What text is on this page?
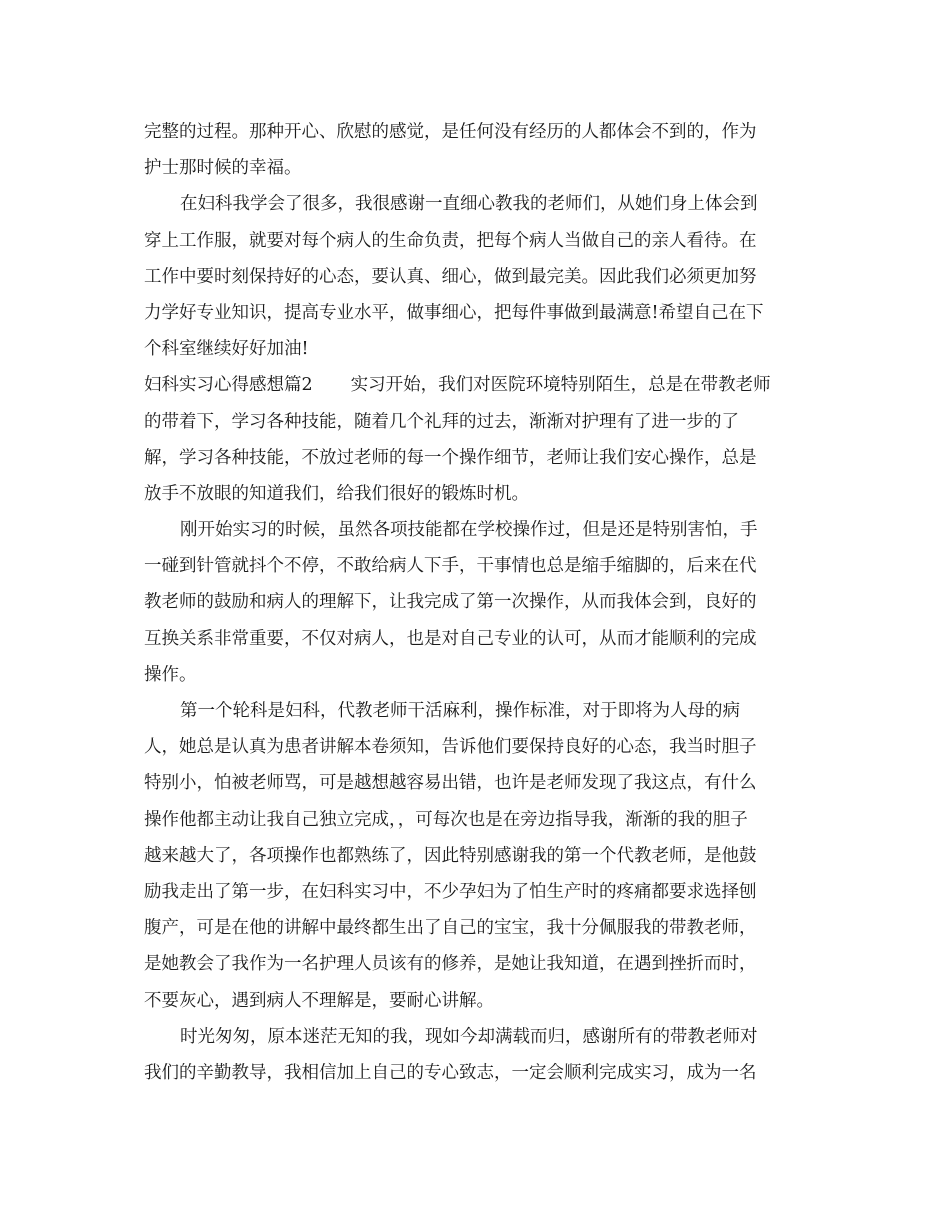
完整的过程。那种开心、欣慰的感觉，是任何没有经历的人都体会不到的，作为
护士那时候的幸福。
在妇科我学会了很多，我很感谢一直细心教我的老师们，从她们身上体会到
穿上工作服，就要对每个病人的生命负责，把每个病人当做自己的亲人看待。在
工作中要时刻保持好的心态，要认真、细心，做到最完美。因此我们必须更加努
力学好专业知识，提高专业水平，做事细心，把每件事做到最满意!希望自己在下
个科室继续好好加油!
妇科实习心得感想篇2 实习开始，我们对医院环境特别陌生，总是在带教老师
的带着下，学习各种技能，随着几个礼拜的过去，渐渐对护理有了进一步的了
解，学习各种技能，不放过老师的每一个操作细节，老师让我们安心操作，总是
放手不放眼的知道我们，给我们很好的锻炼时机。
刚开始实习的时候，虽然各项技能都在学校操作过，但是还是特别害怕，手
一碰到针管就抖个不停，不敢给病人下手，干事情也总是缩手缩脚的，后来在代
教老师的鼓励和病人的理解下，让我完成了第一次操作，从而我体会到，良好的
互换关系非常重要，不仅对病人，也是对自己专业的认可，从而才能顺利的完成
操作。
第一个轮科是妇科，代教老师干活麻利，操作标准，对于即将为人母的病
人，她总是认真为患者讲解本卷须知，告诉他们要保持良好的心态，我当时胆子
特别小，怕被老师骂，可是越想越容易出错，也许是老师发现了我这点，有什么
操作他都主动让我自己独立完成，，可每次也是在旁边指导我，渐渐的我的胆子
越来越大了，各项操作也都熟练了，因此特别感谢我的第一个代教老师，是他鼓
励我走出了第一步，在妇科实习中，不少孕妇为了怕生产时的疼痛都要求选择刨
腹产，可是在他的讲解中最终都生出了自己的宝宝，我十分佩服我的带教老师，
是她教会了我作为一名护理人员该有的修养，是她让我知道，在遇到挫折而时，
不要灰心，遇到病人不理解是，要耐心讲解。
时光匆匆，原本迷茫无知的我，现如今却满载而归，感谢所有的带教老师对
我们的辛勤教导，我相信加上自己的专心致志，一定会顺利完成实习，成为一名
